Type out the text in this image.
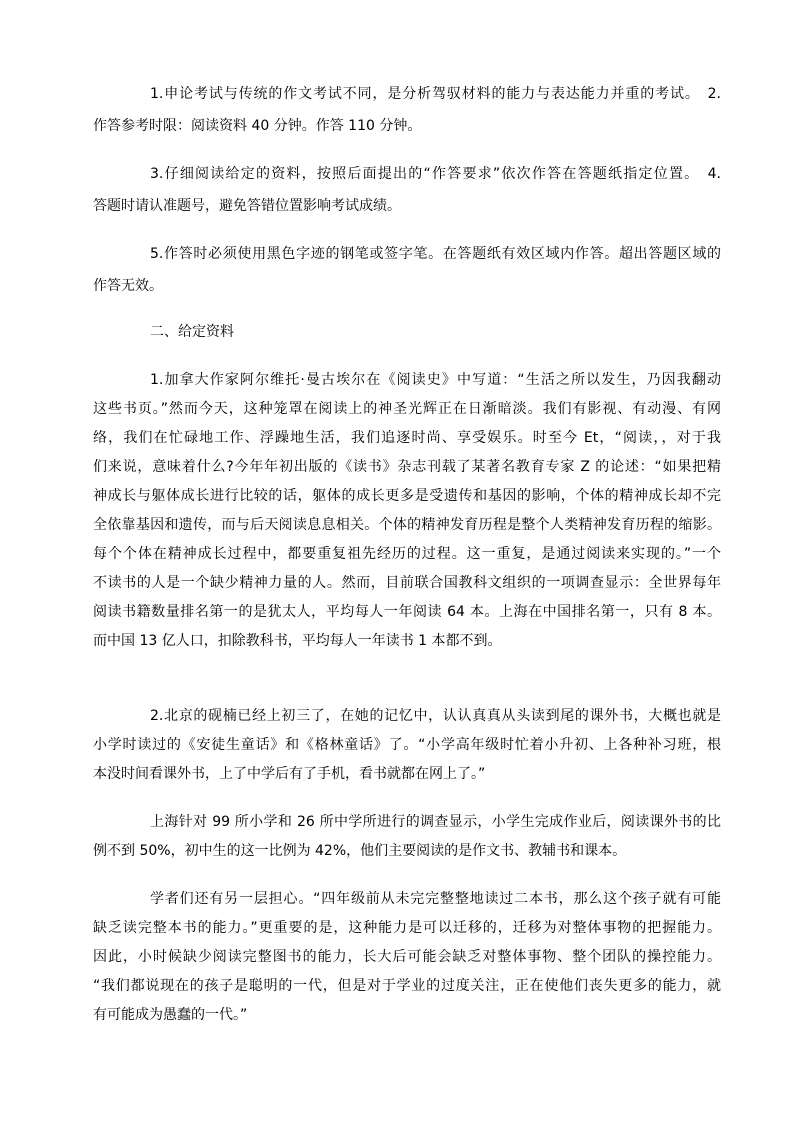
1.申论考试与传统的作文考试不同，是分析驾驭材料的能力与表达能力并重的考试。　2.
作答参考时限：阅读资料 40 分钟。作答 110 分钟。
3.仔细阅读给定的资料，按照后面提出的“作答要求”依次作答在答题纸指定位置。　4.
答题时请认准题号，避免答错位置影响考试成绩。
5.作答时必须使用黑色字迹的钢笔或签字笔。在答题纸有效区域内作答。超出答题区域的
作答无效。
二、给定资料
1.加拿大作家阿尔维托·曼古埃尔在《阅读史》中写道：“生活之所以发生，乃因我翻动
这些书页。”然而今天，这种笼罩在阅读上的神圣光辉正在日渐暗淡。我们有影视、有动漫、有网
络，我们在忙碌地工作、浮躁地生活，我们追逐时尚、享受娱乐。时至今 Et，“阅读，，对于我
们来说，意味着什么?今年年初出版的《读书》杂志刊载了某著名教育专家 Z 的论述：“如果把精
神成长与躯体成长进行比较的话，躯体的成长更多是受遗传和基因的影响，个体的精神成长却不完
全依靠基因和遗传，而与后天阅读息息相关。个体的精神发育历程是整个人类精神发育历程的缩影。
每个个体在精神成长过程中，都要重复祖先经历的过程。这一重复，是通过阅读来实现的。”一个
不读书的人是一个缺少精神力量的人。然而，目前联合国教科文组织的一项调查显示：全世界每年
阅读书籍数量排名第一的是犹太人，平均每人一年阅读 64 本。上海在中国排名第一，只有 8 本。
而中国 13 亿人口，扣除教科书，平均每人一年读书 1 本都不到。
2.北京的砚楠已经上初三了，在她的记忆中，认认真真从头读到尾的课外书，大概也就是
小学时读过的《安徒生童话》和《格林童话》了。“小学高年级时忙着小升初、上各种补习班，根
本没时间看课外书，上了中学后有了手机，看书就都在网上了。”
上海针对 99 所小学和 26 所中学所进行的调查显示，小学生完成作业后，阅读课外书的比
例不到 50%，初中生的这一比例为 42%，他们主要阅读的是作文书、教辅书和课本。
学者们还有另一层担心。“四年级前从未完完整整地读过二本书，那么这个孩子就有可能
缺乏读完整本书的能力。”更重要的是，这种能力是可以迁移的，迁移为对整体事物的把握能力。
因此，小时候缺少阅读完整图书的能力，长大后可能会缺乏对整体事物、整个团队的操控能力。
“我们都说现在的孩子是聪明的一代，但是对于学业的过度关注，正在使他们丧失更多的能力，就
有可能成为愚蠢的一代。”
